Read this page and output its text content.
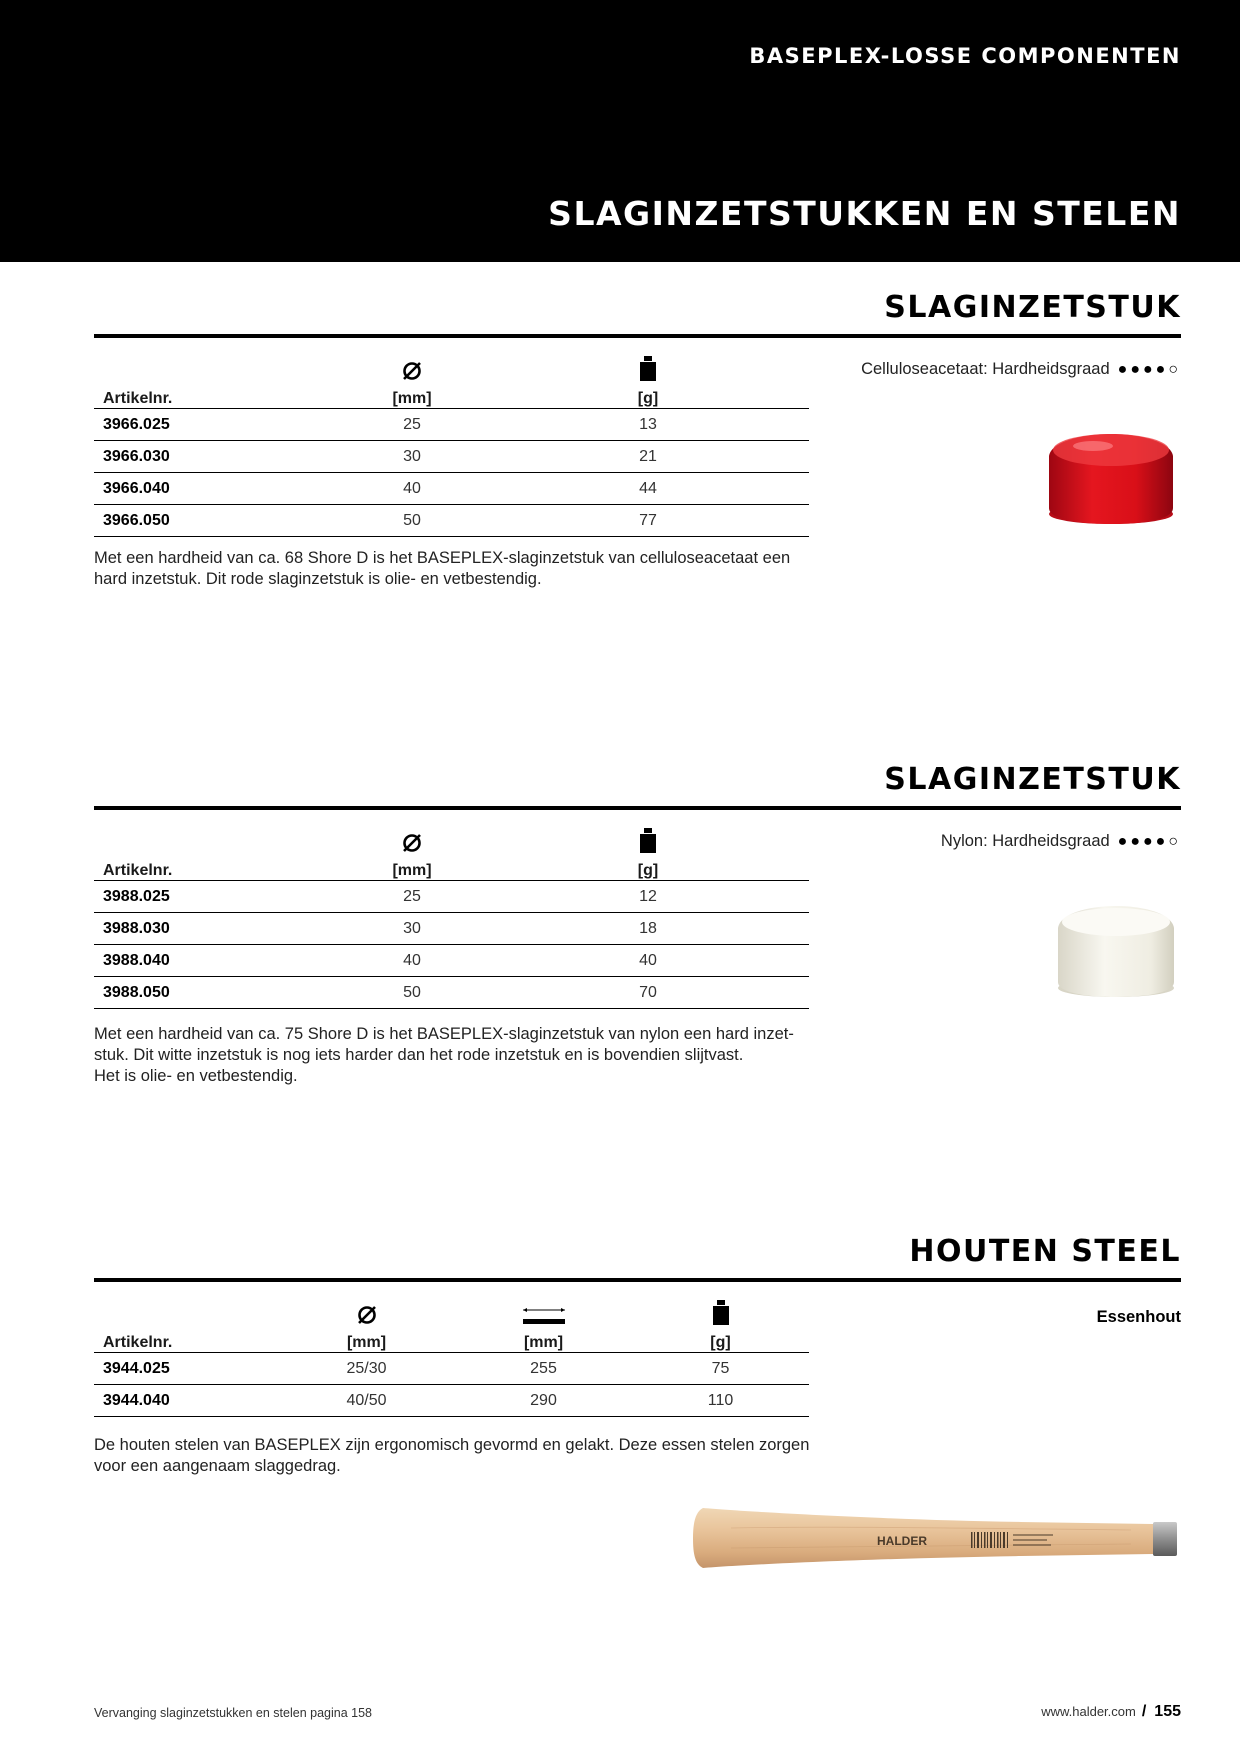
BASEPLEX-LOSSE COMPONENTEN
SLAGINZETSTUKKEN EN STELEN
SLAGINZETSTUK

Artikelnr.	[mm]	[g]	
3966.025	25	13	
3966.030	30	21	
3966.040	40	44	
3966.050	50	77	
Met een hardheid van ca. 68 Shore D is het BASEPLEX-slaginzetstuk van celluloseacetaat een hard inzetstuk. Dit rode slaginzetstuk is olie- en vetbestendig.
Celluloseacetaat: Hardheidsgraad ●●●●○
SLAGINZETSTUK

Artikelnr.	[mm]	[g]	
3988.025	25	12	
3988.030	30	18	
3988.040	40	40	
3988.050	50	70	
Met een hardheid van ca. 75 Shore D is het BASEPLEX-slaginzetstuk van nylon een hard inzet-
stuk. Dit witte inzetstuk is nog iets harder dan het rode inzetstuk en is bovendien slijtvast.
Het is olie- en vetbestendig.
Nylon: Hardheidsgraad ●●●●○
HOUTEN STEEL

Artikelnr.	[mm]	[mm]	[g]
3944.025	25/30	255	75
3944.040	40/50	290	110
De houten stelen van BASEPLEX zijn ergonomisch gevormd en gelakt. Deze essen stelen zorgen
voor een aangenaam slaggedrag.
Essenhout
HALDER
Vervanging slaginzetstukken en stelen pagina 158	www.halder.com / 155
